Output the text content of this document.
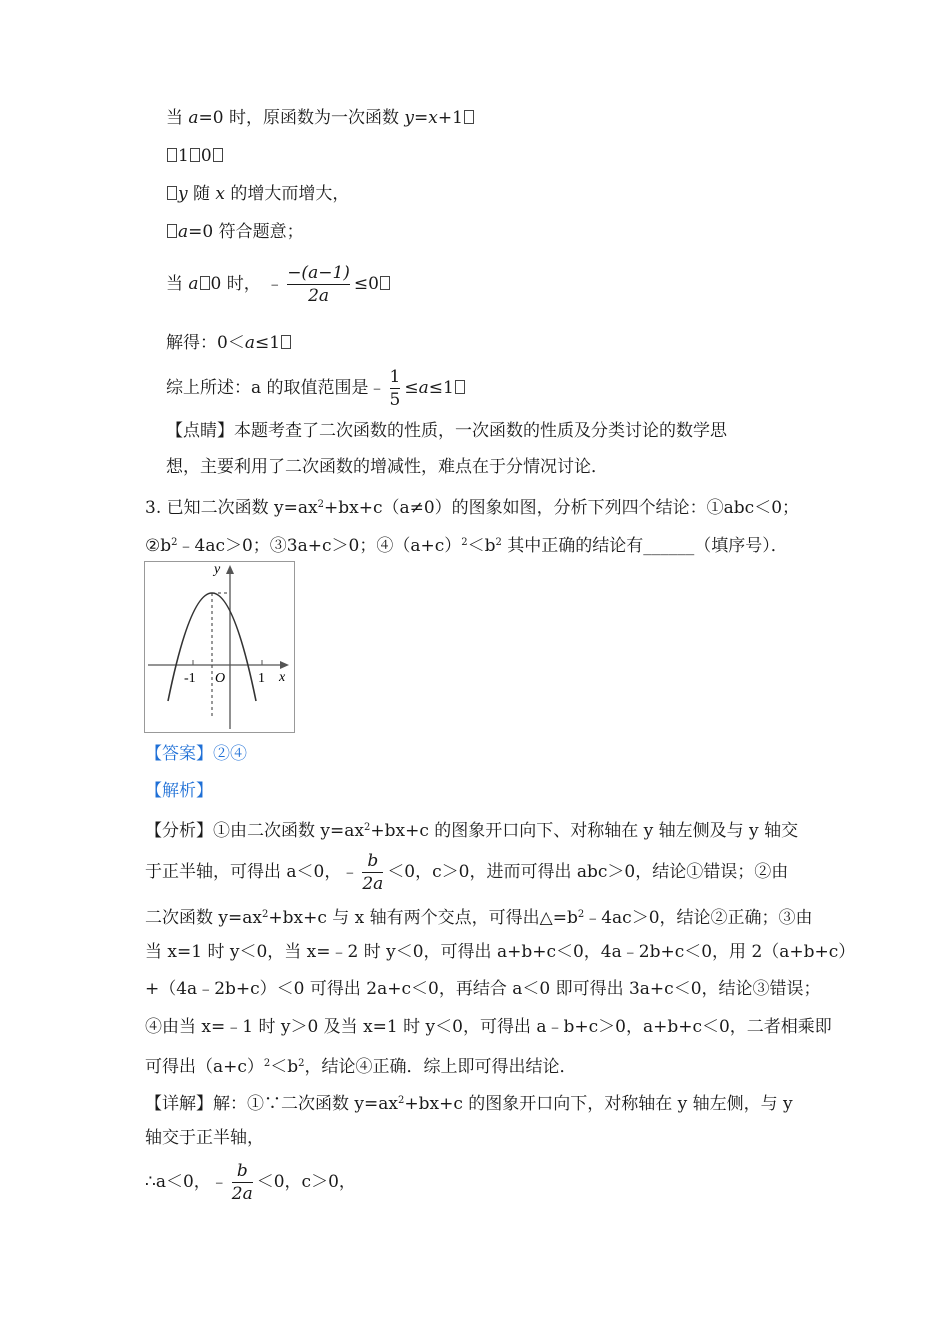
当 a=0 时，原函数为一次函数 y=x+1
1 0
y 随 x 的增大而增大，
a=0 符合题意；
当 a 0 时， ﹣ $\frac{-(a-1)}{2a} \le 0$
解得：0＜a≤1
综上所述：a 的取值范围是﹣ $\frac{1}{5} \le a\le 1$
【点睛】本题考查了二次函数的性质，一次函数的性质及分类讨论的数学思
想，主要利用了二次函数的增减性，难点在于分情况讨论．
3. 已知二次函数 $y=ax^2+bx+c(a\ne 0)$的图象如图，分析下列四个结论：①abc＜0；
$②b^2﹣4ac>0$；③3a+c＞0；$④(a+c)^2<b^2$ 其中正确的结论有______（填序号）．
y
x
O
-1	1
【答案】②④
【解析】
【分析】①由二次函数 $y=ax^2+bx+c$ 的图象开口向下、对称轴在 y 轴左侧及与 y 轴交
于正半轴，可得出 a＜0，﹣ $\frac{b}{2a} <0$，c＞0，进而可得出 abc＞0，结论①错误；②由
二次函数 $y=ax^2+bx+c$ 与 x 轴有两个交点，可得出$\triangle=b^2﹣4ac>0$，结论②正确；③由
当 x=1 时 y＜0，当 x=﹣2 时 y＜0，可得出 a+b+c＜0，4a﹣2b+c＜0，用 2（a+b+c）
+（4a﹣2b+c）＜0 可得出 2a+c＜0，再结合 a＜0 即可得出 3a+c＜0，结论③错误；
④由当 x=﹣1 时 y＞0 及当 x=1 时 y＜0，可得出 a﹣b+c＞0，a+b+c＜0，二者相乘即
可得出$(a+c)^2<b^2$，结论④正确．综上即可得出结论．
【详解】解：①∵二次函数 $y=ax^2+bx+c$ 的图象开口向下，对称轴在 y 轴左侧，与 y
轴交于正半轴，
∴a＜0，﹣ $\frac{b}{2a} <0$，c＞0，
